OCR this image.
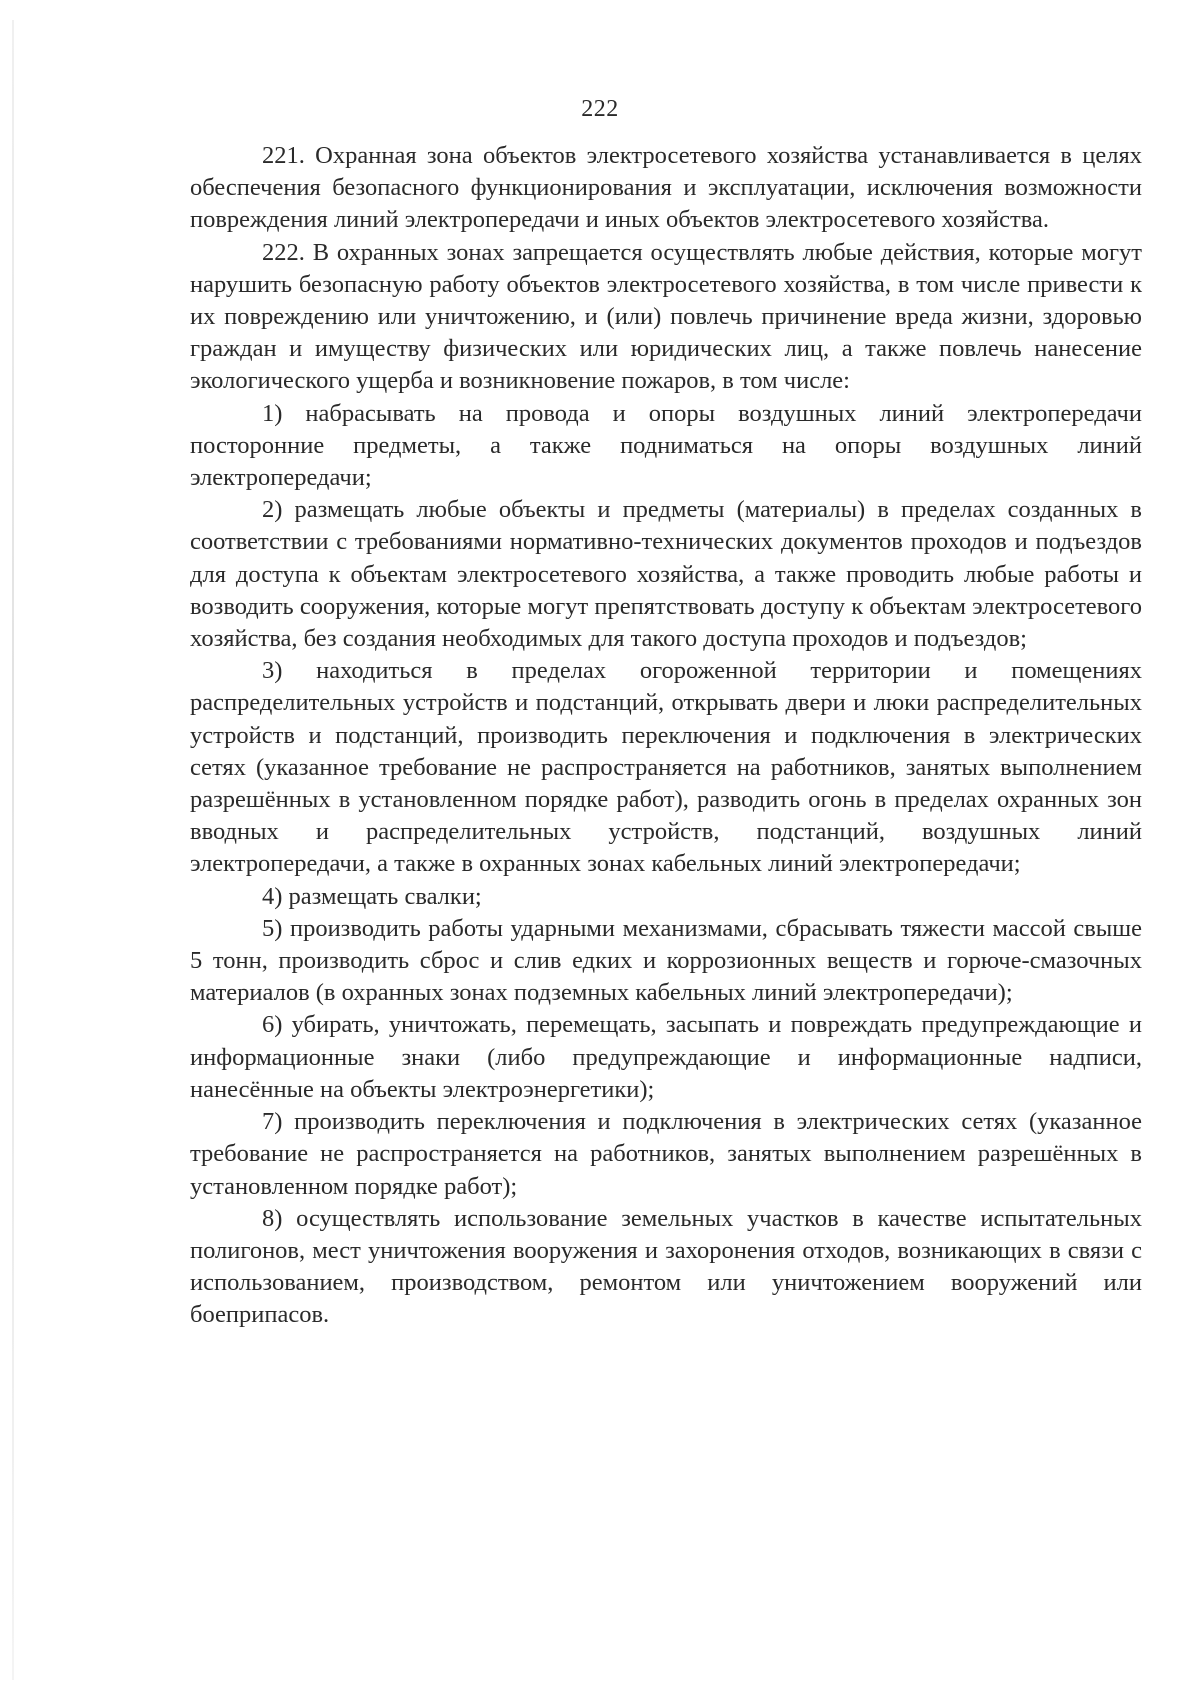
222

221. Охранная зона объектов электросетевого хозяйства устанавливается в целях обеспечения безопасного функционирования и эксплуатации, исключения возможности повреждения линий электропередачи и иных объектов электросетевого хозяйства.

222. В охранных зонах запрещается осуществлять любые действия, которые могут нарушить безопасную работу объектов электросетевого хозяйства, в том числе привести к их повреждению или уничтожению, и (или) повлечь причинение вреда жизни, здоровью граждан и имуществу физических или юридических лиц, а также повлечь нанесение экологического ущерба и возникновение пожаров, в том числе:

1) набрасывать на провода и опоры воздушных линий электропередачи посторонние предметы, а также подниматься на опоры воздушных линий электропередачи;

2) размещать любые объекты и предметы (материалы) в пределах созданных в соответствии с требованиями нормативно-технических документов проходов и подъездов для доступа к объектам электросетевого хозяйства, а также проводить любые работы и возводить сооружения, которые могут препятствовать доступу к объектам электросетевого хозяйства, без создания необходимых для такого доступа проходов и подъездов;

3) находиться в пределах огороженной территории и помещениях распределительных устройств и подстанций, открывать двери и люки распределительных устройств и подстанций, производить переключения и подключения в электрических сетях (указанное требование не распространяется на работников, занятых выполнением разрешённых в установленном порядке работ), разводить огонь в пределах охранных зон вводных и распределительных устройств, подстанций, воздушных линий электропередачи, а также в охранных зонах кабельных линий электропередачи;

4) размещать свалки;

5) производить работы ударными механизмами, сбрасывать тяжести массой свыше 5 тонн, производить сброс и слив едких и коррозионных веществ и горюче-смазочных материалов (в охранных зонах подземных кабельных линий электропередачи);

6) убирать, уничтожать, перемещать, засыпать и повреждать предупреждающие и информационные знаки (либо предупреждающие и информационные надписи, нанесённые на объекты электроэнергетики);

7) производить переключения и подключения в электрических сетях (указанное требование не распространяется на работников, занятых выполнением разрешённых в установленном порядке работ);

8) осуществлять использование земельных участков в качестве испытательных полигонов, мест уничтожения вооружения и захоронения отходов, возникающих в связи с использованием, производством, ремонтом или уничтожением вооружений или боеприпасов.
